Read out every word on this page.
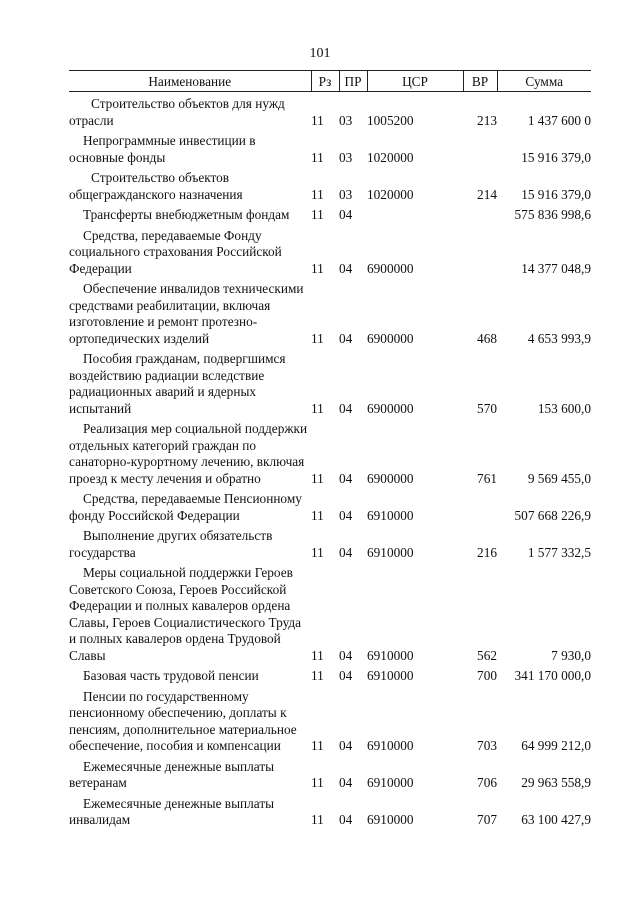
101
Наименование	Рз	ПР	ЦСР	ВР	Сумма
Строительство объектов для нужд отрасли	11	03	1005200	213	1 437 600 0
Непрограммные инвестиции в основные фонды	11	03	1020000		15 916 379,0
Строительство объектов общегражданского назначения	11	03	1020000	214	15 916 379,0
Трансферты внебюджетным фондам	11	04			575 836 998,6
Средства, передаваемые Фонду социального страхования Российской Федерации	11	04	6900000		14 377 048,9
Обеспечение инвалидов техническими средствами реабилитации, включая изготовление и ремонт протезно-ортопедических изделий	11	04	6900000	468	4 653 993,9
Пособия гражданам, подвергшимся воздействию радиации вследствие радиационных аварий и ядерных испытаний	11	04	6900000	570	153 600,0
Реализация мер социальной поддержки отдельных категорий граждан по санаторно-курортному лечению, включая проезд к месту лечения и обратно	11	04	6900000	761	9 569 455,0
Средства, передаваемые Пенсионному фонду Российской Федерации	11	04	6910000		507 668 226,9
Выполнение других обязательств государства	11	04	6910000	216	1 577 332,5
Меры социальной поддержки Героев Советского Союза, Героев Российской Федерации и полных кавалеров ордена Славы, Героев Социалистического Труда и полных кавалеров ордена Трудовой Славы	11	04	6910000	562	7 930,0
Базовая часть трудовой пенсии	11	04	6910000	700	341 170 000,0
Пенсии по государственному пенсионному обеспечению, доплаты к пенсиям, дополнительное материальное обеспечение, пособия и компенсации	11	04	6910000	703	64 999 212,0
Ежемесячные денежные выплаты ветеранам	11	04	6910000	706	29 963 558,9
Ежемесячные денежные выплаты инвалидам	11	04	6910000	707	63 100 427,9
